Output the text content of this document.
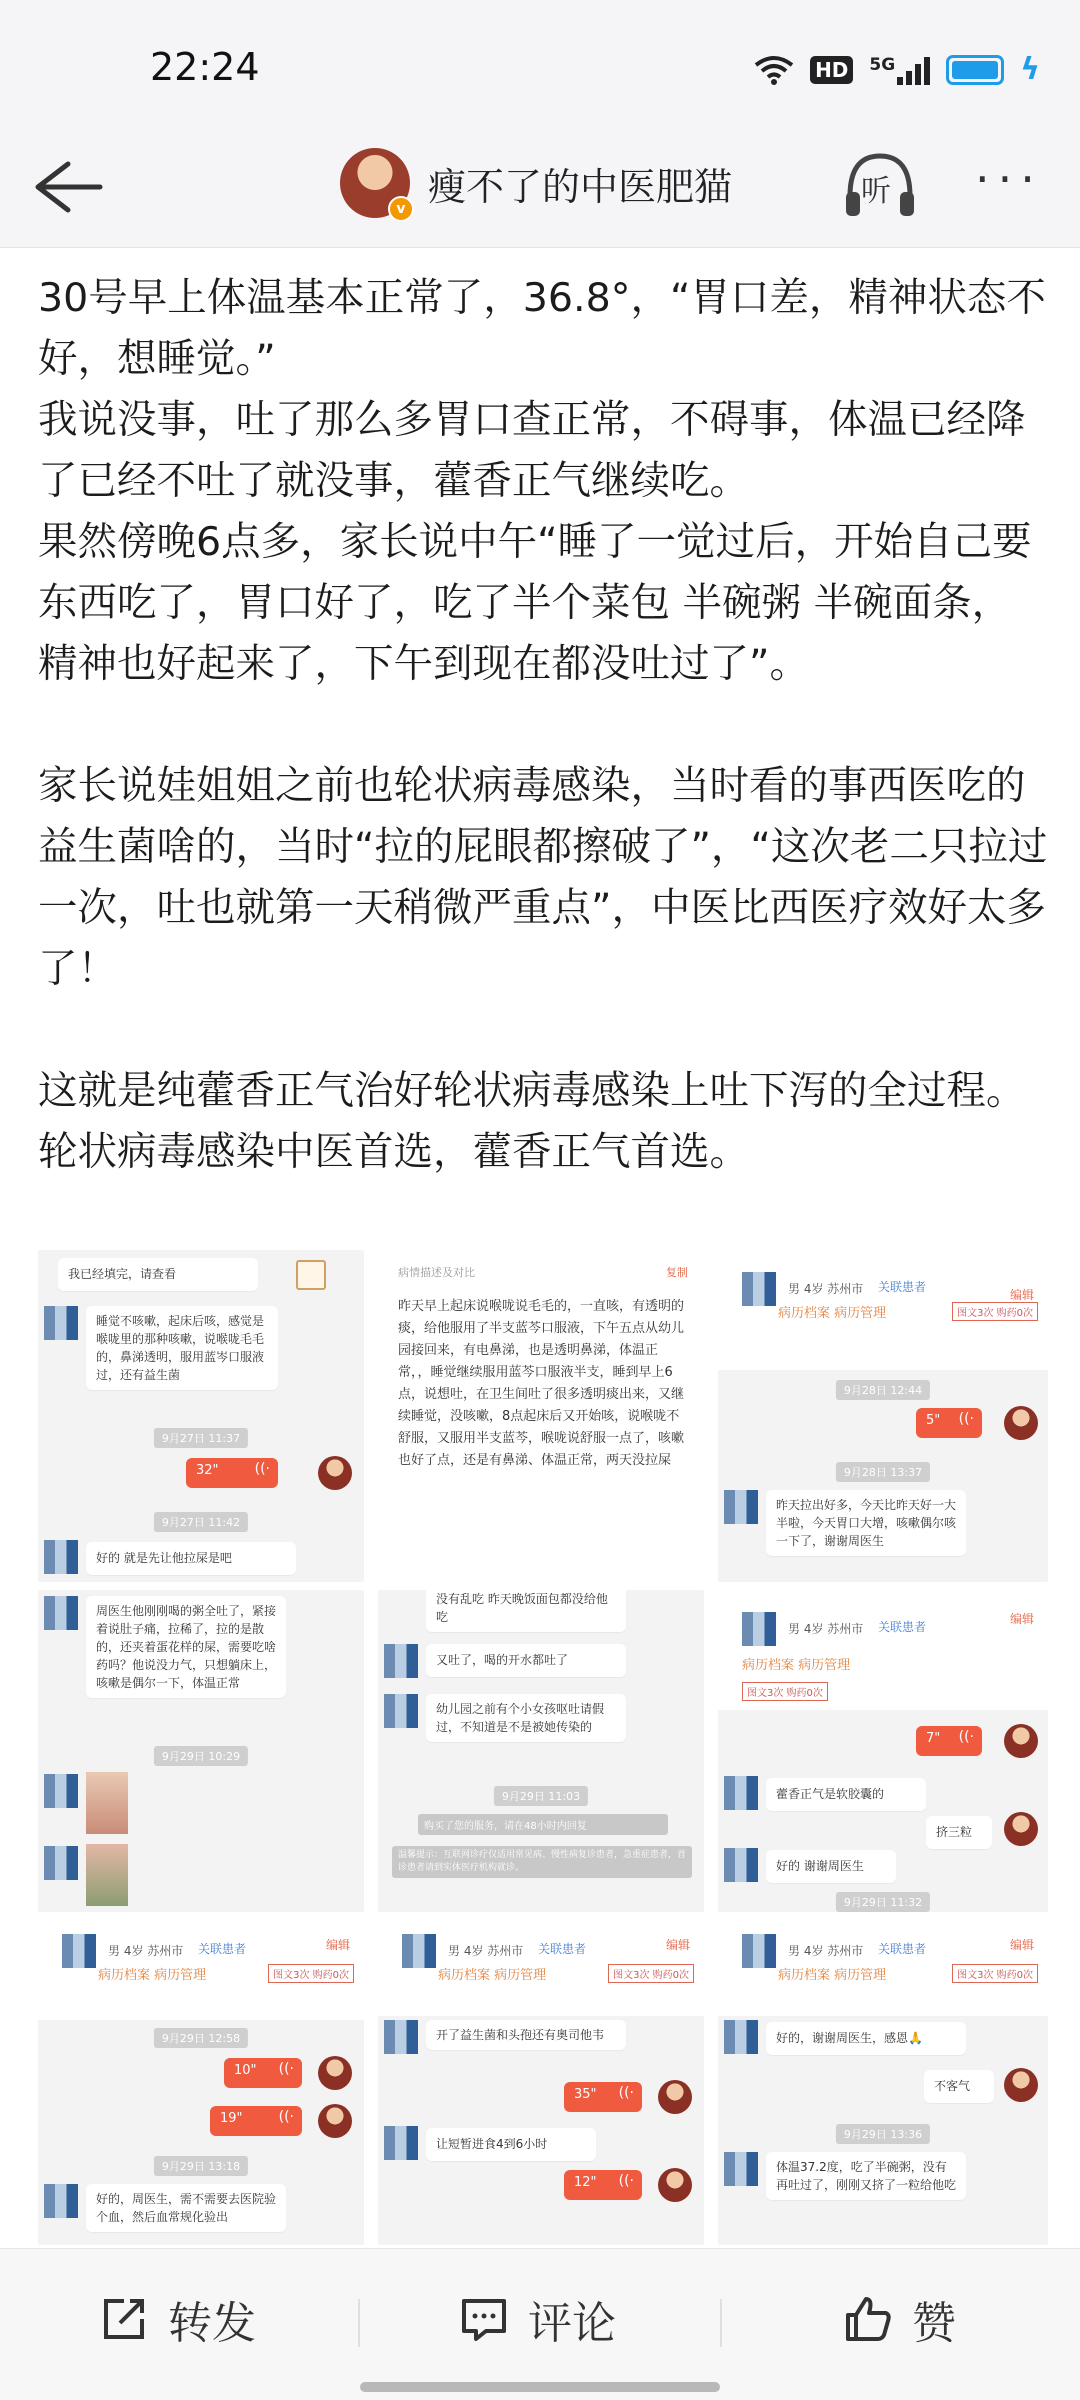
22:24	HD 5G	ϟ
v 瘦不了的中医肥猫	听 ···

30号早上体温基本正常了，36.8°，“胃口差，精神状态不好，想睡觉。”
我说没事，吐了那么多胃口查正常，不碍事，体温已经降了已经不吐了就没事，藿香正气继续吃。
果然傍晚6点多，家长说中午“睡了一觉过后，开始自己要东西吃了，胃口好了，吃了半个菜包 半碗粥 半碗面条，精神也好起来了，下午到现在都没吐过了”。

家长说娃姐姐之前也轮状病毒感染，当时看的事西医吃的益生菌啥的，当时“拉的屁眼都擦破了”，“这次老二只拉过一次，吐也就第一天稍微严重点”，中医比西医疗效好太多了！

这就是纯藿香正气治好轮状病毒感染上吐下泻的全过程。轮状病毒感染中医首选，藿香正气首选。

我已经填完，请查看
睡觉不咳嗽，起床后咳，感觉是喉咙里的那种咳嗽，说喉咙毛毛的，鼻涕透明，服用蓝岑口服液过，还有益生菌
9月27日 11:37
32"	((·
9月27日 11:42
好的 就是先让他拉屎是吧
病情描述及对比	复制
昨天早上起床说喉咙说毛毛的，一直咳，有透明的痰，给他服用了半支蓝芩口服液，下午五点从幼儿园接回来，有电鼻涕，也是透明鼻涕，体温正常，，睡觉继续服用蓝芩口服液半支，睡到早上6点，说想吐，在卫生间吐了很多透明痰出来，又继续睡觉，没咳嗽，8点起床后又开始咳，说喉咙不舒服，又服用半支蓝芩，喉咙说舒服一点了，咳嗽也好了点，还是有鼻涕、体温正常，两天没拉屎
男 4岁 苏州市 关联患者
编辑
病历档案 病历管理	图文3次 购药0次
9月28日 12:44
5" ((·
9月28日 13:37
昨天拉出好多，今天比昨天好一大半啦，今天胃口大增，咳嗽偶尔咳一下了，谢谢周医生
周医生他刚刚喝的粥全吐了，紧接着说肚子痛，拉稀了，拉的是散的，还夹着蛋花样的屎，需要吃啥药吗？他说没力气，只想躺床上，咳嗽是偶尔一下，体温正常
9月29日 10:29
没有乱吃 昨天晚饭面包都没给他吃
又吐了，喝的开水都吐了
幼儿园之前有个小女孩呕吐请假过，不知道是不是被她传染的
9月29日 11:03
购买了您的服务，请在48小时内回复
温馨提示：互联网诊疗仅适用常见病、慢性病复诊患者，急重症患者，首诊患者请到实体医疗机构就诊。
男 4岁 苏州市 关联患者
编辑
病历档案 病历管理
图文3次 购药0次
7" ((·
藿香正气是软胶囊的
挤三粒
好的 谢谢周医生
9月29日 11:32
男 4岁 苏州市 关联患者	编辑
病历档案 病历管理	图文3次 购药0次
9月29日 12:58
10" ((·
19"	((·
9月29日 13:18
好的，周医生，需不需要去医院验个血，然后血常规化验出
男 4岁 苏州市 关联患者	编辑
病历档案 病历管理	图文3次 购药0次
开了益生菌和头孢还有奥司他韦
35" ((·
让短暂进食4到6小时
12" ((·
男 4岁 苏州市 关联患者	编辑
病历档案 病历管理	图文3次 购药0次
好的，谢谢周医生，感恩🙏
不客气
9月29日 13:36
体温37.2度，吃了半碗粥，没有再吐过了，刚刚又挤了一粒给他吃
转发	评论	赞
